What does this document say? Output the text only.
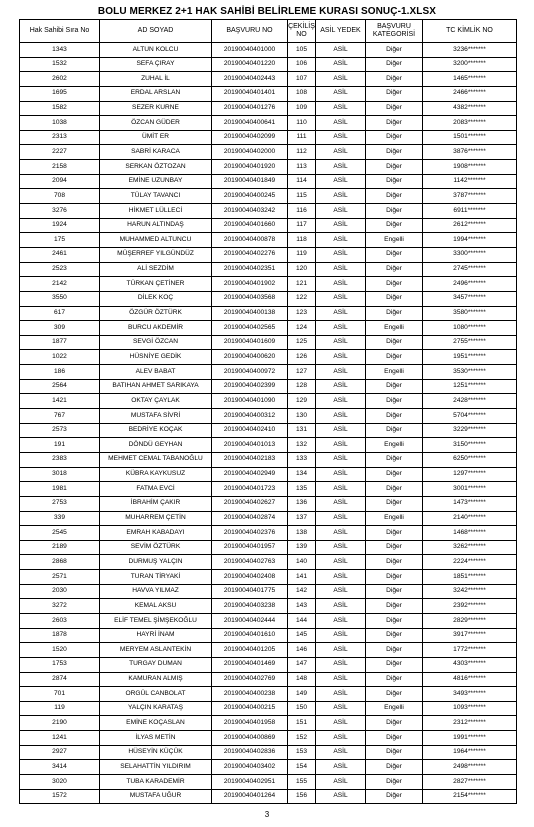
BOLU MERKEZ 2+1 HAK SAHİBİ BELİRLEME KURASI SONUÇ-1.XLSX
Hak Sahibi Sıra No	AD SOYAD	BAŞVURU NO	ÇEKİLİŞ NO	ASİL YEDEK	BAŞVURU KATEGORİSİ	TC KİMLİK NO
1343	ALTUN KOLCU	20190040401000	105	ASİL	Diğer	3236*******
1532	SEFA ÇIRAY	20190040401220	106	ASİL	Diğer	3200*******
2602	ZUHAL İL	20190040402443	107	ASİL	Diğer	1465*******
1695	ERDAL ARSLAN	20190040401401	108	ASİL	Diğer	2466*******
1582	SEZER KURNE	20190040401276	109	ASİL	Diğer	4382*******
1038	ÖZCAN GÜDER	20190040400641	110	ASİL	Diğer	2083*******
2313	ÜMİT ER	20190040402099	111	ASİL	Diğer	1501*******
2227	SABRİ KARACA	20190040402000	112	ASİL	Diğer	3876*******
2158	SERKAN ÖZTOZAN	20190040401920	113	ASİL	Diğer	1908*******
2094	EMİNE UZUNBAY	20190040401849	114	ASİL	Diğer	1142*******
708	TÜLAY TAVANCI	20190040400245	115	ASİL	Diğer	3787*******
3276	HİKMET LÜLLECİ	20190040403242	116	ASİL	Diğer	6911*******
1924	HARUN ALTINDAŞ	20190040401660	117	ASİL	Diğer	2612*******
175	MUHAMMED ALTUNCU	20190040400878	118	ASİL	Engelli	1994*******
2461	MÜŞERREF YILGÜNDÜZ	20190040402276	119	ASİL	Diğer	3300*******
2523	ALİ SEZDİM	20190040402351	120	ASİL	Diğer	2745*******
2142	TÜRKAN ÇETİNER	20190040401902	121	ASİL	Diğer	2496*******
3550	DİLEK KOÇ	20190040403568	122	ASİL	Diğer	3457*******
617	ÖZGÜR ÖZTÜRK	20190040400138	123	ASİL	Diğer	3580*******
309	BURCU AKDEMİR	20190040402565	124	ASİL	Engelli	1080*******
1877	SEVGİ ÖZCAN	20190040401609	125	ASİL	Diğer	2755*******
1022	HÜSNİYE GEDİK	20190040400620	126	ASİL	Diğer	1951*******
186	ALEV BABAT	20190040400972	127	ASİL	Engelli	3530*******
2564	BATIHAN AHMET SARIKAYA	20190040402399	128	ASİL	Diğer	1251*******
1421	OKTAY ÇAYLAK	20190040401090	129	ASİL	Diğer	2428*******
767	MUSTAFA SİVRİ	20190040400312	130	ASİL	Diğer	5704*******
2573	BEDRİYE KOÇAK	20190040402410	131	ASİL	Diğer	3229*******
191	DÖNDÜ GEYHAN	20190040401013	132	ASİL	Engelli	3150*******
2383	MEHMET CEMAL TABANOĞLU	20190040402183	133	ASİL	Diğer	6250*******
3018	KÜBRA KAYKUSUZ	20190040402949	134	ASİL	Diğer	1297*******
1981	FATMA EVCİ	20190040401723	135	ASİL	Diğer	3001*******
2753	İBRAHİM ÇAKIR	20190040402627	136	ASİL	Diğer	1473*******
339	MUHARREM ÇETİN	20190040402874	137	ASİL	Engelli	2140*******
2545	EMRAH KABADAYI	20190040402376	138	ASİL	Diğer	1468*******
2189	SEVİM ÖZTÜRK	20190040401957	139	ASİL	Diğer	3262*******
2868	DURMUŞ YALÇIN	20190040402763	140	ASİL	Diğer	2224*******
2571	TURAN TİRYAKİ	20190040402408	141	ASİL	Diğer	1851*******
2030	HAVVA YILMAZ	20190040401775	142	ASİL	Diğer	3242*******
3272	KEMAL AKSU	20190040403238	143	ASİL	Diğer	2392*******
2603	ELİF TEMEL ŞİMŞEKOĞLU	20190040402444	144	ASİL	Diğer	2829*******
1878	HAYRİ İNAM	20190040401610	145	ASİL	Diğer	3917*******
1520	MERYEM ASLANTEKİN	20190040401205	146	ASİL	Diğer	1772*******
1753	TURGAY DUMAN	20190040401469	147	ASİL	Diğer	4303*******
2874	KAMURAN ALMIŞ	20190040402769	148	ASİL	Diğer	4816*******
701	ORGÜL CANBOLAT	20190040400238	149	ASİL	Diğer	3493*******
119	YALÇIN KARATAŞ	20190040400215	150	ASİL	Engelli	1093*******
2190	EMİNE KOÇASLAN	20190040401958	151	ASİL	Diğer	2312*******
1241	İLYAS METİN	20190040400869	152	ASİL	Diğer	1991*******
2927	HÜSEYİN KÜÇÜK	20190040402836	153	ASİL	Diğer	1964*******
3414	SELAHATTİN YILDIRIM	20190040403402	154	ASİL	Diğer	2498*******
3020	TUBA KARADEMİR	20190040402951	155	ASİL	Diğer	2827*******
1572	MUSTAFA UĞUR	20190040401264	156	ASİL	Diğer	2154*******
3
